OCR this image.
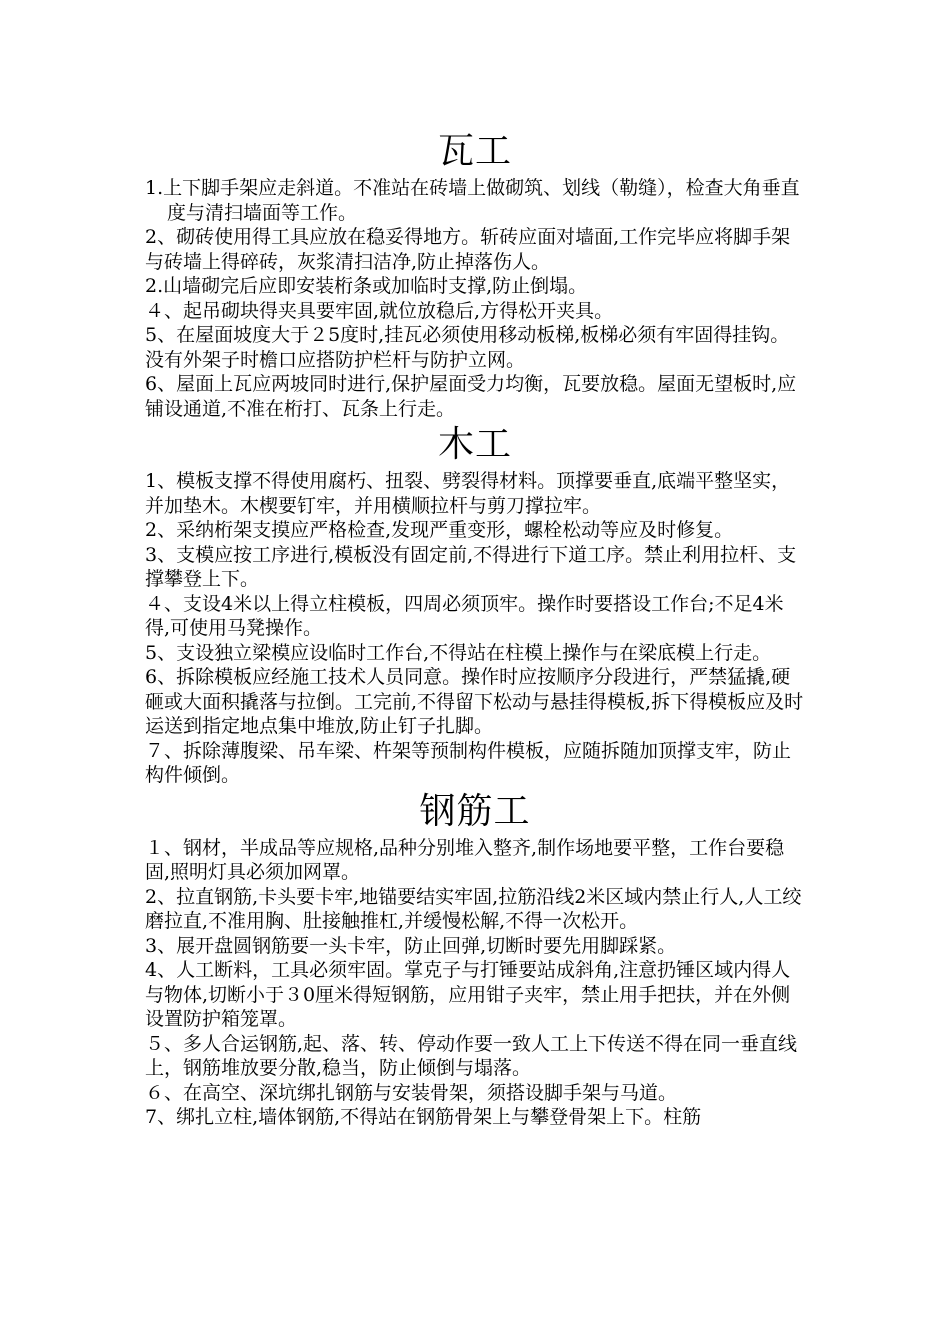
瓦工

1.上下脚手架应走斜道。不准站在砖墙上做砌筑、划线（勒缝），检查大角垂直度与清扫墙面等工作。

2、砌砖使用得工具应放在稳妥得地方。斩砖应面对墙面,工作完毕应将脚手架与砖墙上得碎砖，灰浆清扫洁净,防止掉落伤人。

2.山墙砌完后应即安装桁条或加临时支撑,防止倒塌。

４、起吊砌块得夹具要牢固,就位放稳后,方得松开夹具。

5、在屋面坡度大于２5度时,挂瓦必须使用移动板梯,板梯必须有牢固得挂钩。没有外架子时檐口应搭防护栏杆与防护立网。

6、屋面上瓦应两坡同时进行,保护屋面受力均衡，瓦要放稳。屋面无望板时,应铺设通道,不准在桁打、瓦条上行走。

木工

1、模板支撑不得使用腐朽、扭裂、劈裂得材料。顶撑要垂直,底端平整坚实，并加垫木。木楔要钉牢，并用横顺拉杆与剪刀撑拉牢。

2、采纳桁架支摸应严格检查,发现严重变形，螺栓松动等应及时修复。

3、支模应按工序进行,模板没有固定前,不得进行下道工序。禁止利用拉杆、支撑攀登上下。

４、支设4米以上得立柱模板，四周必须顶牢。操作时要搭设工作台;不足4米得,可使用马凳操作。

5、支设独立梁模应设临时工作台,不得站在柱模上操作与在梁底模上行走。

6、拆除模板应经施工技术人员同意。操作时应按顺序分段进行，严禁猛撬,硬砸或大面积撬落与拉倒。工完前,不得留下松动与悬挂得模板,拆下得模板应及时运送到指定地点集中堆放,防止钉子扎脚。

７、拆除薄腹梁、吊车梁、杵架等预制构件模板，应随拆随加顶撑支牢，防止构件倾倒。

钢筋工

１、钢材，半成品等应规格,品种分别堆入整齐,制作场地要平整，工作台要稳固,照明灯具必须加网罩。

2、拉直钢筋,卡头要卡牢,地锚要结实牢固,拉筋沿线2米区域内禁止行人,人工绞磨拉直,不准用胸、肚接触推杠,并缓慢松解,不得一次松开。

3、展开盘圆钢筋要一头卡牢，防止回弹,切断时要先用脚踩紧。

4、人工断料，工具必须牢固。掌克子与打锤要站成斜角,注意扔锤区域内得人与物体,切断小于３0厘米得短钢筋，应用钳子夹牢，禁止用手把扶，并在外侧设置防护箱笼罩。

５、多人合运钢筋,起、落、转、停动作要一致人工上下传送不得在同一垂直线上，钢筋堆放要分散,稳当，防止倾倒与塌落。

６、在高空、深坑绑扎钢筋与安装骨架，须搭设脚手架与马道。

7、绑扎立柱,墙体钢筋,不得站在钢筋骨架上与攀登骨架上下。柱筋
